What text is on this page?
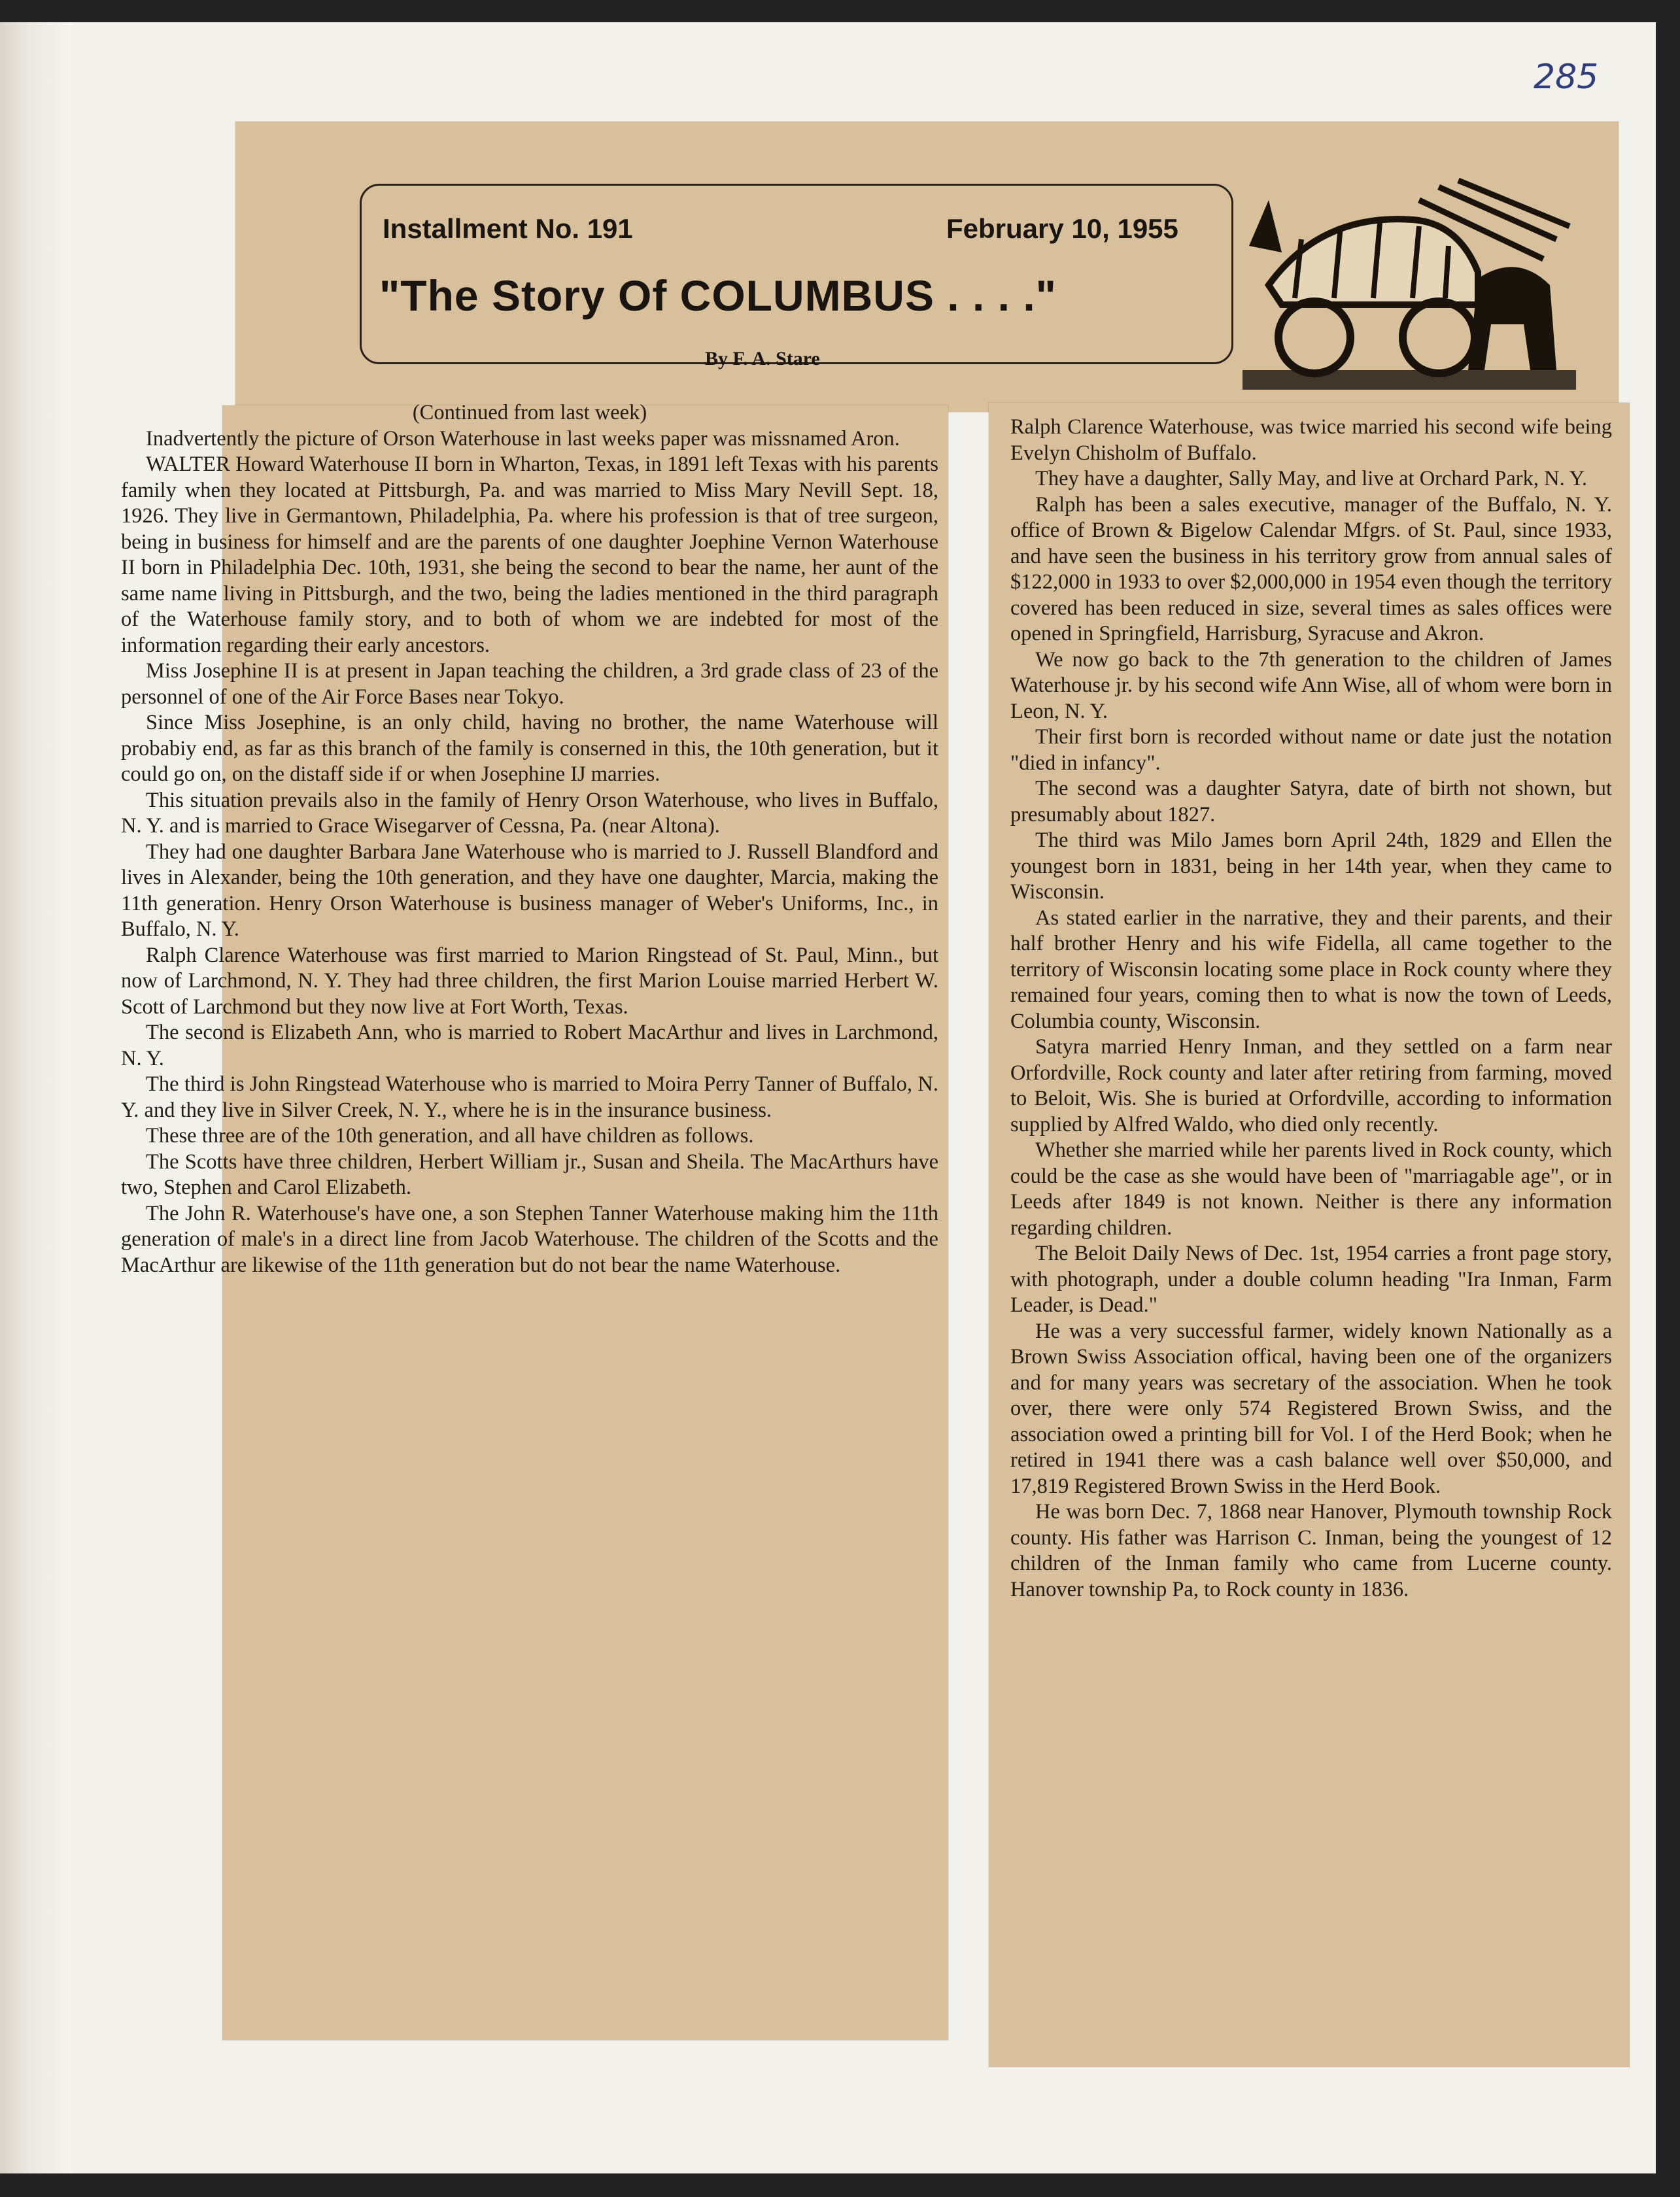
285
Installment No. 191	February 10, 1955
"The Story Of COLUMBUS . . . ."
By F. A. Stare

(Continued from last week)

Inadvertently the picture of Orson Waterhouse in last weeks paper was missnamed Aron.

WALTER Howard Waterhouse II born in Wharton, Texas, in 1891 left Texas with his parents family when they located at Pittsburgh, Pa. and was married to Miss Mary Nevill Sept. 18, 1926. They live in Germantown, Philadelphia, Pa. where his profession is that of tree surgeon, being in business for himself and are the parents of one daughter Joephine Vernon Waterhouse II born in Philadelphia Dec. 10th, 1931, she being the second to bear the name, her aunt of the same name living in Pittsburgh, and the two, being the ladies mentioned in the third paragraph of the Waterhouse family story, and to both of whom we are indebted for most of the information regarding their early ancestors.

Miss Josephine II is at present in Japan teaching the children, a 3rd grade class of 23 of the personnel of one of the Air Force Bases near Tokyo.

Since Miss Josephine, is an only child, having no brother, the name Waterhouse will probabiy end, as far as this branch of the family is conserned in this, the 10th generation, but it could go on, on the distaff side if or when Josephine IJ marries.

This situation prevails also in the family of Henry Orson Waterhouse, who lives in Buffalo, N. Y. and is married to Grace Wisegarver of Cessna, Pa. (near Altona).

They had one daughter Barbara Jane Waterhouse who is married to J. Russell Blandford and lives in Alexander, being the 10th generation, and they have one daughter, Marcia, making the 11th generation. Henry Orson Waterhouse is business manager of Weber's Uniforms, Inc., in Buffalo, N. Y.

Ralph Clarence Waterhouse was first married to Marion Ringstead of St. Paul, Minn., but now of Larchmond, N. Y. They had three children, the first Marion Louise married Herbert W. Scott of Larchmond but they now live at Fort Worth, Texas.

The second is Elizabeth Ann, who is married to Robert MacArthur and lives in Larchmond, N. Y.

The third is John Ringstead Waterhouse who is married to Moira Perry Tanner of Buffalo, N. Y. and they live in Silver Creek, N. Y., where he is in the insurance business.

These three are of the 10th generation, and all have children as follows.

The Scotts have three children, Herbert William jr., Susan and Sheila. The MacArthurs have two, Stephen and Carol Elizabeth.

The John R. Waterhouse's have one, a son Stephen Tanner Waterhouse making him the 11th generation of male's in a direct line from Jacob Waterhouse. The children of the Scotts and the MacArthur are likewise of the 11th generation but do not bear the name Waterhouse.

Ralph Clarence Waterhouse, was twice married his second wife being Evelyn Chisholm of Buffalo.

They have a daughter, Sally May, and live at Orchard Park, N. Y.

Ralph has been a sales executive, manager of the Buffalo, N. Y. office of Brown & Bigelow Calendar Mfgrs. of St. Paul, since 1933, and have seen the business in his territory grow from annual sales of $122,000 in 1933 to over $2,000,000 in 1954 even though the territory covered has been reduced in size, several times as sales offices were opened in Springfield, Harrisburg, Syracuse and Akron.

We now go back to the 7th generation to the children of James Waterhouse jr. by his second wife Ann Wise, all of whom were born in Leon, N. Y.

Their first born is recorded without name or date just the notation "died in infancy".

The second was a daughter Satyra, date of birth not shown, but presumably about 1827.

The third was Milo James born April 24th, 1829 and Ellen the youngest born in 1831, being in her 14th year, when they came to Wisconsin.

As stated earlier in the narrative, they and their parents, and their half brother Henry and his wife Fidella, all came together to the territory of Wisconsin locating some place in Rock county where they remained four years, coming then to what is now the town of Leeds, Columbia county, Wisconsin.

Satyra married Henry Inman, and they settled on a farm near Orfordville, Rock county and later after retiring from farming, moved to Beloit, Wis. She is buried at Orfordville, according to information supplied by Alfred Waldo, who died only recently.

Whether she married while her parents lived in Rock county, which could be the case as she would have been of "marriagable age", or in Leeds after 1849 is not known. Neither is there any information regarding children.

The Beloit Daily News of Dec. 1st, 1954 carries a front page story, with photograph, under a double column heading "Ira Inman, Farm Leader, is Dead."

He was a very successful farmer, widely known Nationally as a Brown Swiss Association offical, having been one of the organizers and for many years was secretary of the association. When he took over, there were only 574 Registered Brown Swiss, and the association owed a printing bill for Vol. I of the Herd Book; when he retired in 1941 there was a cash balance well over $50,000, and 17,819 Registered Brown Swiss in the Herd Book.

He was born Dec. 7, 1868 near Hanover, Plymouth township Rock county. His father was Harrison C. Inman, being the youngest of 12 children of the Inman family who came from Lucerne county. Hanover township Pa, to Rock county in 1836.
